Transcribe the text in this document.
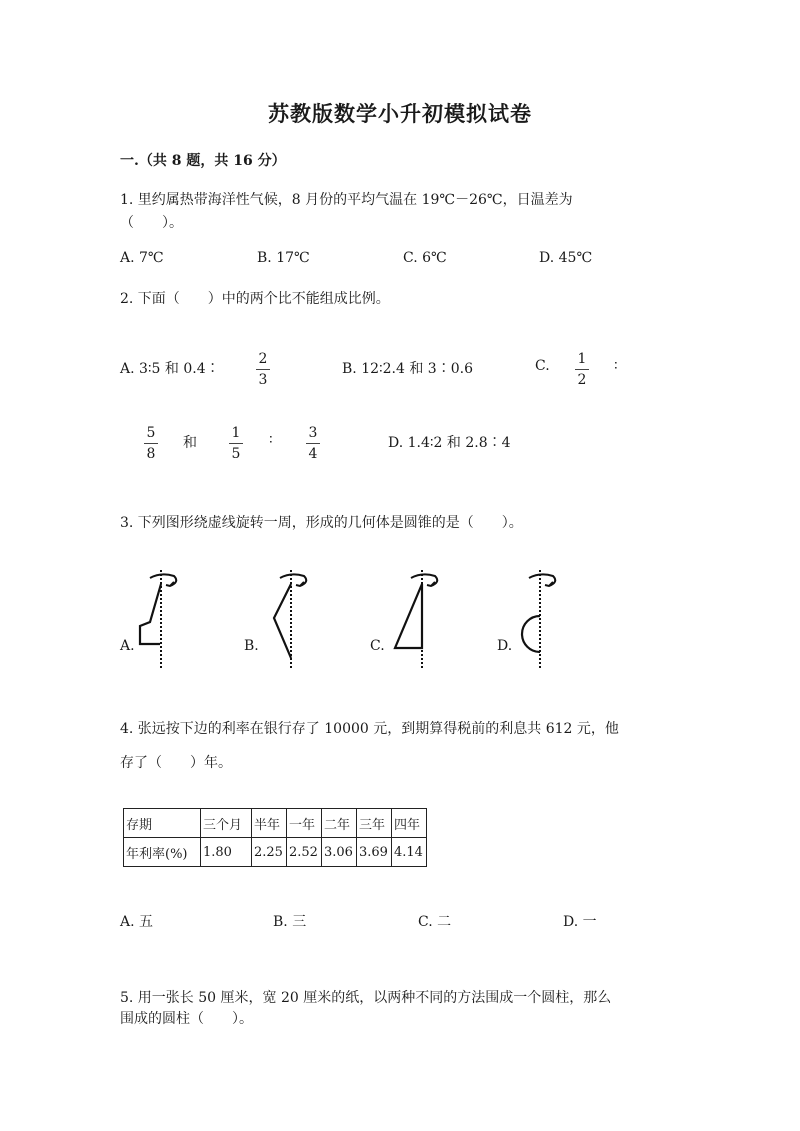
苏教版数学小升初模拟试卷
一.（共 8 题，共 16 分）
1. 里约属热带海洋性气候，8 月份的平均气温在 19℃－26℃，日温差为
（　　）。
A. 7℃	B. 17℃	C. 6℃	D. 45℃
2. 下面（　　）中的两个比不能组成比例。
A. 3∶5 和 0.4∶
2
3
B. 12∶2.4 和 3∶0.6	C. 1
2
∶
5
8
和
1
5
∶	3
4
D. 1.4∶2 和 2.8∶4
3. 下列图形绕虚线旋转一周，形成的几何体是圆锥的是（　　）。
A.	B.	C.	D.
4. 张远按下边的利率在银行存了 10000 元，到期算得税前的利息共 612 元，他
存了（　　）年。
存期	三个月	半年	一年	二年	三年	四年
年利率(%)	1.80	2.25	2.52	3.06	3.69	4.14
A. 五	B. 三	C. 二	D. 一
5. 用一张长 50 厘米，宽 20 厘米的纸，以两种不同的方法围成一个圆柱，那么
围成的圆柱（　　）。
